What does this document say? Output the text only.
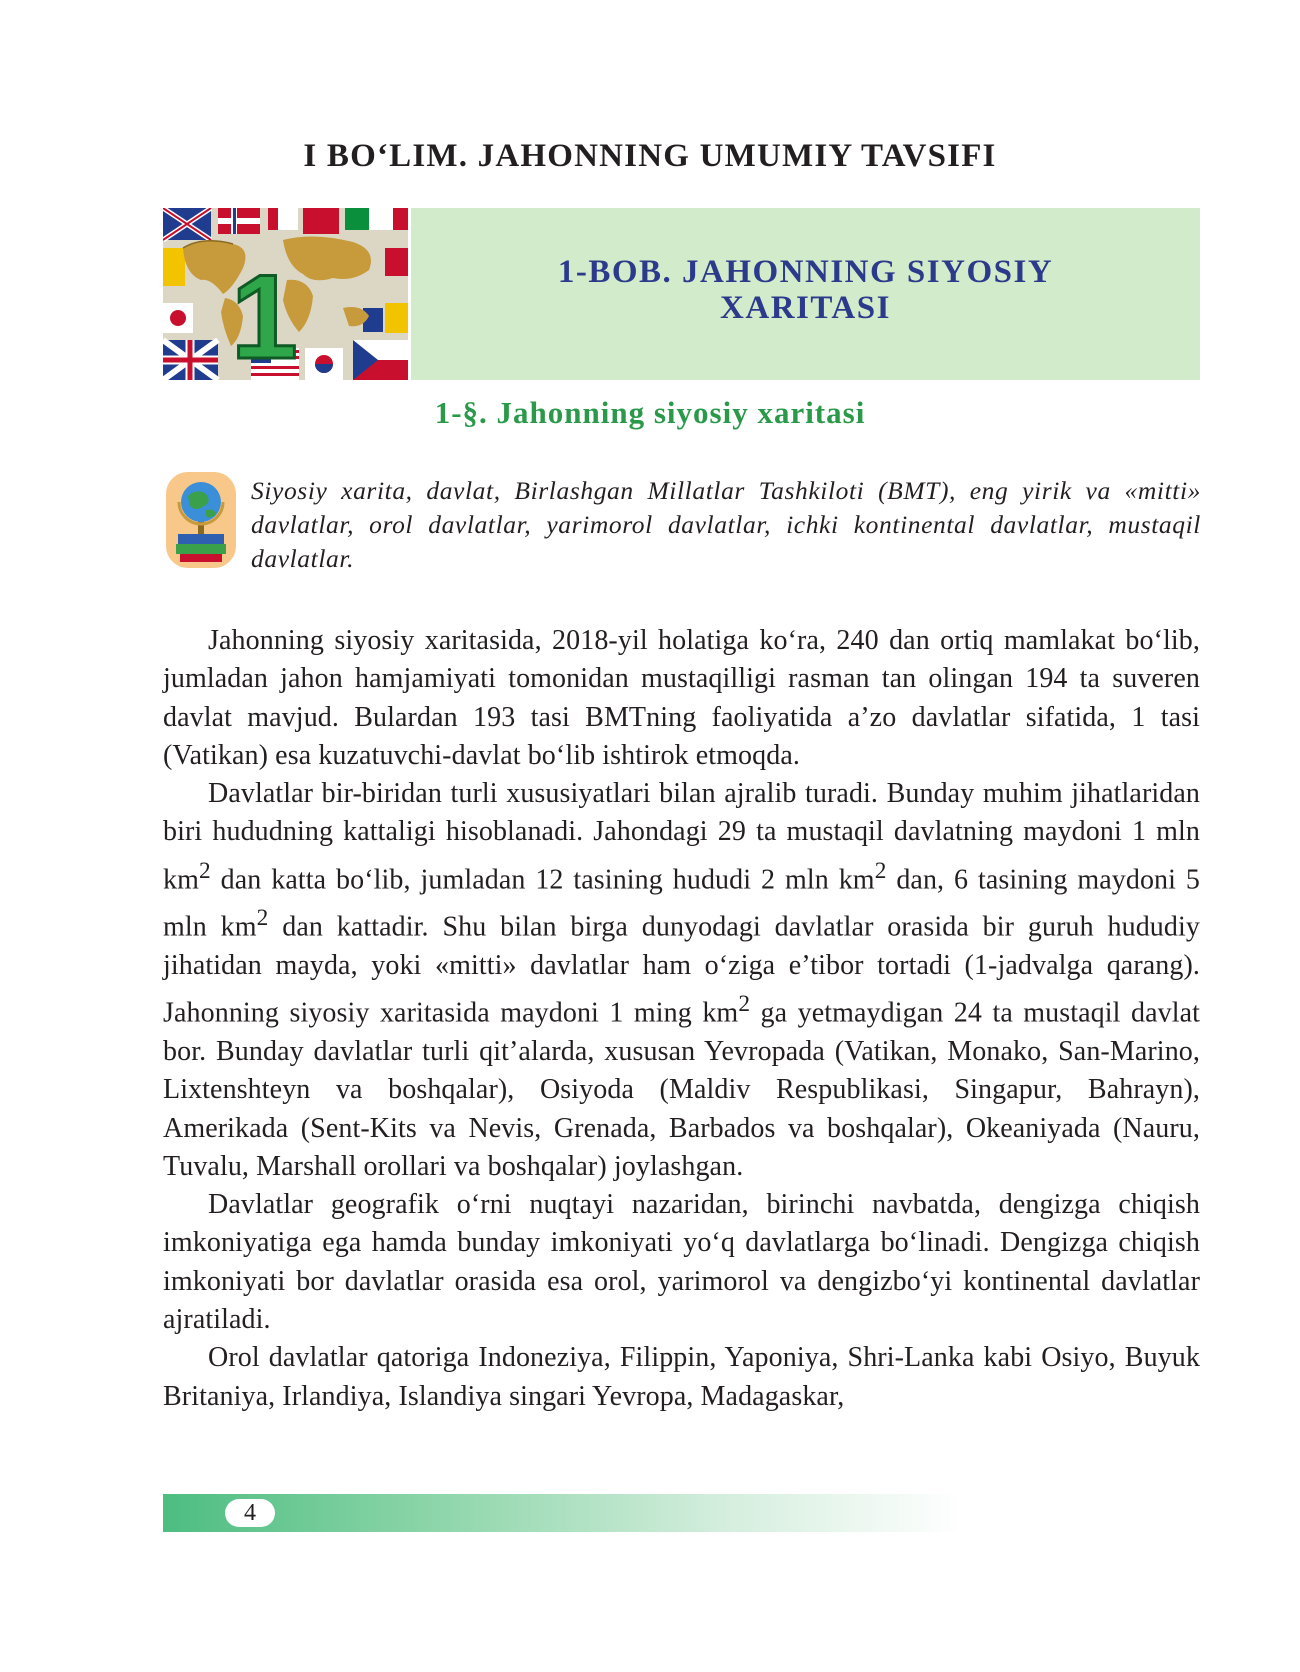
I BO‘LIM. JAHONNING UMUMIY TAVSIFI
1	1-BOB. JAHONNING SIYOSIY
XARITASI
1-§. Jahonning siyosiy xaritasi

Siyosiy xarita, davlat, Birlashgan Millatlar Tashkiloti (BMT), eng yirik va «mitti» davlatlar, orol davlatlar, yarimorol davlatlar, ichki kontinental davlatlar, mustaqil davlatlar.

Jahonning siyosiy xaritasida, 2018-yil holatiga ko‘ra, 240 dan ortiq mamlakat bo‘lib, jumladan jahon hamjamiyati tomonidan mustaqilligi rasman tan olingan 194 ta suveren davlat mavjud. Bulardan 193 tasi BMTning faoliyatida a’zo davlatlar sifatida, 1 tasi (Vatikan) esa kuzatuvchi-davlat bo‘lib ishtirok etmoqda.

Davlatlar bir-biridan turli xususiyatlari bilan ajralib turadi. Bunday muhim jihatlaridan biri hududning kattaligi hisoblanadi. Jahondagi 29 ta mustaqil davlatning maydoni 1 mln $km^2$ dan katta bo‘lib, jumladan 12 tasining hududi 2 mln $km^2$ dan, 6 tasining maydoni 5 mln $km^2$ dan kattadir. Shu bilan birga dunyodagi davlatlar orasida bir guruh hududiy jihatidan mayda, yoki «mitti» davlatlar ham o‘ziga e’tibor tortadi (1-jadvalga qarang). Jahonning siyosiy xaritasida maydoni 1 ming $km^2$ ga yetmaydigan 24 ta mustaqil davlat bor. Bunday davlatlar turli qit’alarda, xususan Yevropada (Vatikan, Monako, San-Marino, Lixtenshteyn va boshqalar), Osiyoda (Maldiv Respublikasi, Singapur, Bahrayn), Amerikada (Sent-Kits va Nevis, Grenada, Barbados va boshqalar), Okeaniyada (Nauru, Tuvalu, Marshall orollari va boshqalar) joylashgan.

Davlatlar geografik o‘rni nuqtayi nazaridan, birinchi navbatda, dengizga chiqish imkoniyatiga ega hamda bunday imkoniyati yo‘q davlatlarga bo‘linadi. Dengizga chiqish imkoniyati bor davlatlar orasida esa orol, yarimorol va dengizbo‘yi kontinental davlatlar ajratiladi.

Orol davlatlar qatoriga Indoneziya, Filippin, Yaponiya, Shri-Lanka kabi Osiyo, Buyuk Britaniya, Irlandiya, Islandiya singari Yevropa, Madagaskar,

4
